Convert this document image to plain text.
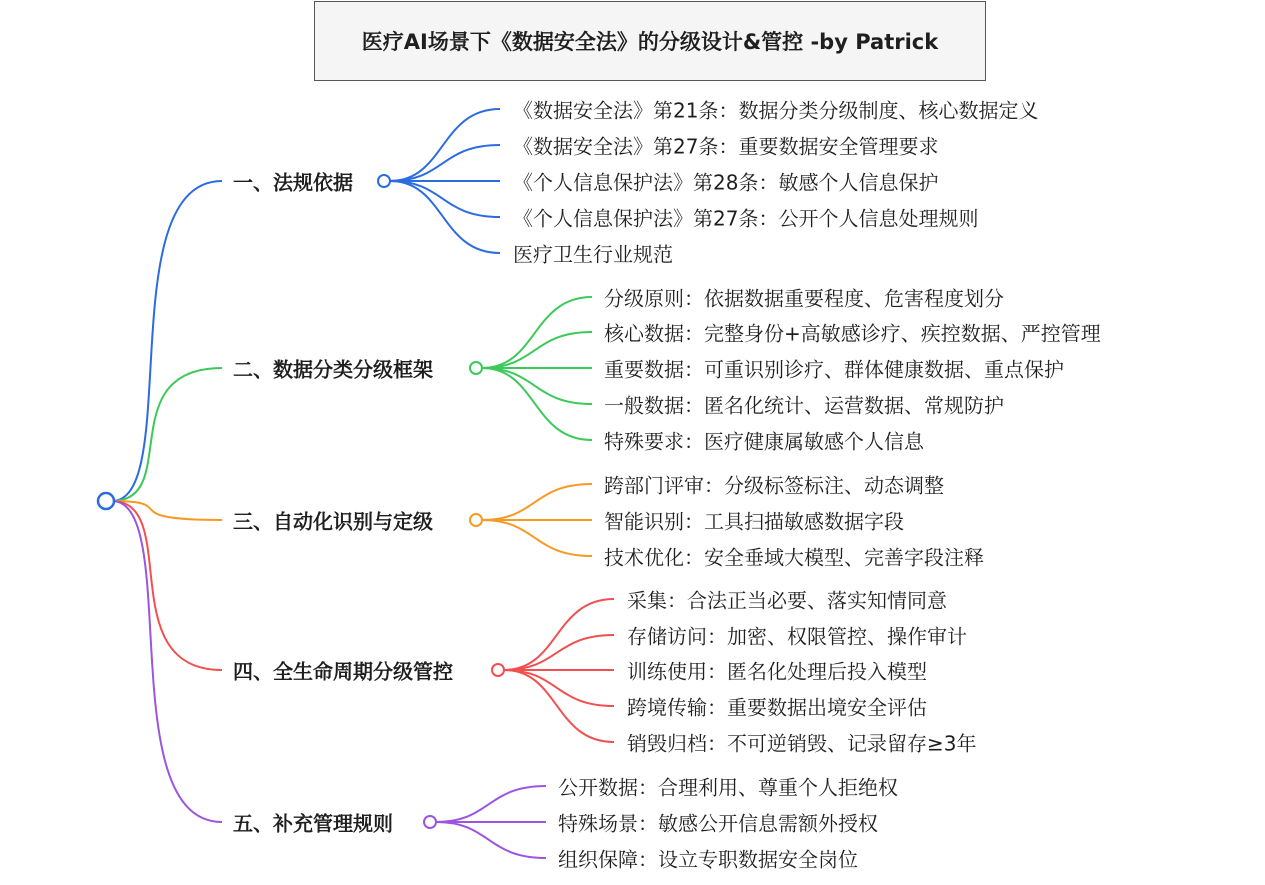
医疗AI场景下《数据安全法》的分级设计&管控 -by Patrick
一、法规依据
《数据安全法》第21条：数据分类分级制度、核心数据定义
《数据安全法》第27条：重要数据安全管理要求
《个人信息保护法》第28条：敏感个人信息保护
《个人信息保护法》第27条：公开个人信息处理规则
医疗卫生行业规范
二、数据分类分级框架
分级原则：依据数据重要程度、危害程度划分
核心数据：完整身份+高敏感诊疗、疾控数据、严控管理
重要数据：可重识别诊疗、群体健康数据、重点保护
一般数据：匿名化统计、运营数据、常规防护
特殊要求：医疗健康属敏感个人信息
三、自动化识别与定级
跨部门评审：分级标签标注、动态调整
智能识别：工具扫描敏感数据字段
技术优化：安全垂域大模型、完善字段注释
四、全生命周期分级管控
采集：合法正当必要、落实知情同意
存储访问：加密、权限管控、操作审计
训练使用：匿名化处理后投入模型
跨境传输：重要数据出境安全评估
销毁归档：不可逆销毁、记录留存≥3年
五、补充管理规则
公开数据：合理利用、尊重个人拒绝权
特殊场景：敏感公开信息需额外授权
组织保障：设立专职数据安全岗位
